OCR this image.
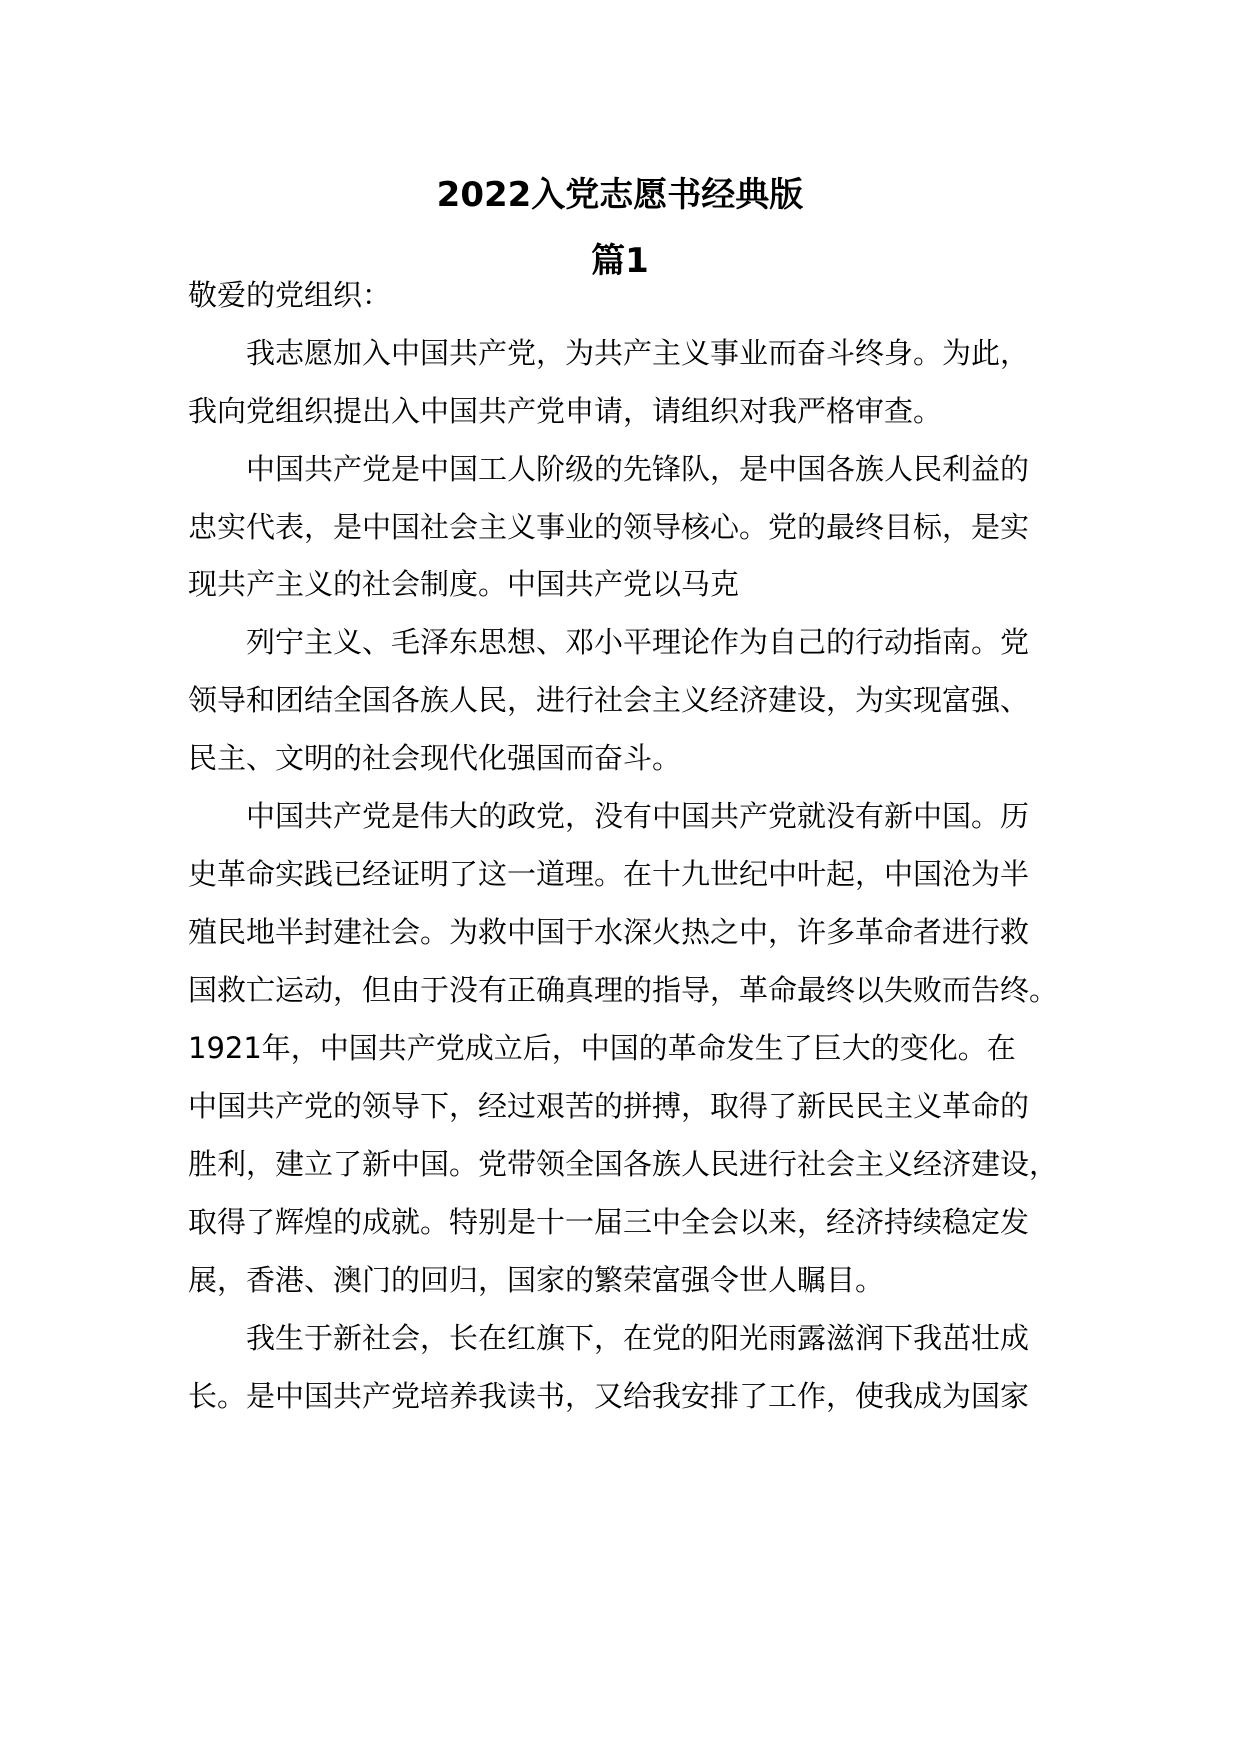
2022入党志愿书经典版
篇1
敬爱的党组织：
我志愿加入中国共产党，为共产主义事业而奋斗终身。为此，
我向党组织提出入中国共产党申请，请组织对我严格审查。
中国共产党是中国工人阶级的先锋队，是中国各族人民利益的
忠实代表，是中国社会主义事业的领导核心。党的最终目标，是实
现共产主义的社会制度。中国共产党以马克
列宁主义、毛泽东思想、邓小平理论作为自己的行动指南。党
领导和团结全国各族人民，进行社会主义经济建设，为实现富强、
民主、文明的社会现代化强国而奋斗。
中国共产党是伟大的政党，没有中国共产党就没有新中国。历
史革命实践已经证明了这一道理。在十九世纪中叶起，中国沧为半
殖民地半封建社会。为救中国于水深火热之中，许多革命者进行救
国救亡运动，但由于没有正确真理的指导，革命最终以失败而告终。
1921年，中国共产党成立后，中国的革命发生了巨大的变化。在
中国共产党的领导下，经过艰苦的拼搏，取得了新民民主义革命的
胜利，建立了新中国。党带领全国各族人民进行社会主义经济建设，
取得了辉煌的成就。特别是十一届三中全会以来，经济持续稳定发
展，香港、澳门的回归，国家的繁荣富强令世人瞩目。
我生于新社会，长在红旗下，在党的阳光雨露滋润下我茁壮成
长。是中国共产党培养我读书，又给我安排了工作，使我成为国家
